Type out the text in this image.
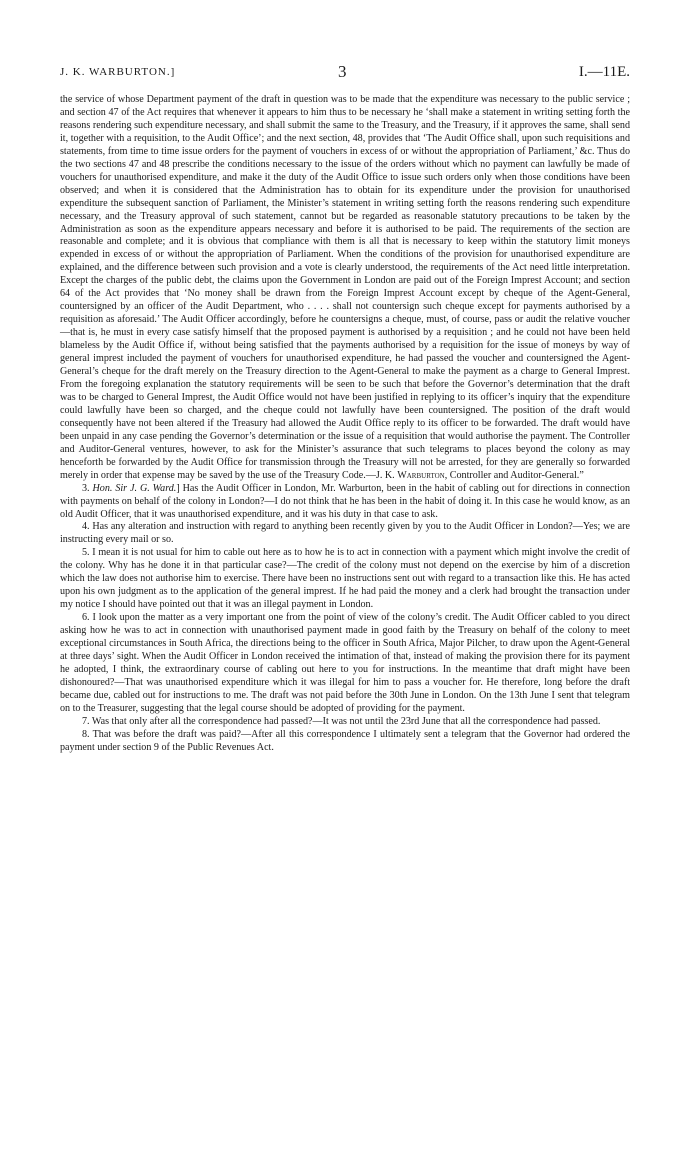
J. K. WARBURTON.]	3	I.—11E.

the service of whose Department payment of the draft in question was to be made that the expenditure was necessary to the public service ; and section 47 of the Act requires that whenever it appears to him thus to be necessary he ‘shall make a statement in writing setting forth the reasons rendering such expenditure necessary, and shall submit the same to the Treasury, and the Treasury, if it approves the same, shall send it, together with a requisition, to the Audit Office’; and the next section, 48, provides that ‘The Audit Office shall, upon such requisitions and statements, from time to time issue orders for the payment of vouchers in excess of or without the appropriation of Parliament,’ &c. Thus do the two sections 47 and 48 prescribe the conditions necessary to the issue of the orders without which no payment can lawfully be made of vouchers for unauthorised expenditure, and make it the duty of the Audit Office to issue such orders only when those conditions have been observed; and when it is considered that the Administration has to obtain for its expenditure under the provision for unauthorised expenditure the subsequent sanction of Parliament, the Minister’s statement in writing setting forth the reasons rendering such expenditure necessary, and the Treasury approval of such statement, cannot but be regarded as reasonable statutory precautions to be taken by the Administration as soon as the expenditure appears necessary and before it is authorised to be paid. The requirements of the section are reasonable and complete; and it is obvious that compliance with them is all that is necessary to keep within the statutory limit moneys expended in excess of or without the appropriation of Parliament. When the conditions of the provision for unauthorised expenditure are explained, and the difference between such provision and a vote is clearly understood, the requirements of the Act need little interpretation. Except the charges of the public debt, the claims upon the Government in London are paid out of the Foreign Imprest Account; and section 64 of the Act provides that ‘No money shall be drawn from the Foreign Imprest Account except by cheque of the Agent-General, countersigned by an officer of the Audit Department, who . . . . shall not countersign such cheque except for payments authorised by a requisition as aforesaid.’ The Audit Officer accordingly, before he countersigns a cheque, must, of course, pass or audit the relative voucher—that is, he must in every case satisfy himself that the proposed payment is authorised by a requisition ; and he could not have been held blameless by the Audit Office if, without being satisfied that the payments authorised by a requisition for the issue of moneys by way of general imprest included the payment of vouchers for unauthorised expenditure, he had passed the voucher and countersigned the Agent-General’s cheque for the draft merely on the Treasury direction to the Agent-General to make the payment as a charge to General Imprest. From the foregoing explanation the statutory requirements will be seen to be such that before the Governor’s determination that the draft was to be charged to General Imprest, the Audit Office would not have been justified in replying to its officer’s inquiry that the expenditure could lawfully have been so charged, and the cheque could not lawfully have been countersigned. The position of the draft would consequently have not been altered if the Treasury had allowed the Audit Office reply to its officer to be forwarded. The draft would have been unpaid in any case pending the Governor’s determination or the issue of a requisition that would authorise the payment. The Controller and Auditor-General ventures, however, to ask for the Minister’s assurance that such telegrams to places beyond the colony as may henceforth be forwarded by the Audit Office for transmission through the Treasury will not be arrested, for they are generally so forwarded merely in order that expense may be saved by the use of the Treasury Code.—J. K. Warburton, Controller and Auditor-General.”

3. Hon. Sir J. G. Ward.] Has the Audit Officer in London, Mr. Warburton, been in the habit of cabling out for directions in connection with payments on behalf of the colony in London?—I do not think that he has been in the habit of doing it. In this case he would know, as an old Audit Officer, that it was unauthorised expenditure, and it was his duty in that case to ask.

4. Has any alteration and instruction with regard to anything been recently given by you to the Audit Officer in London?—Yes; we are instructing every mail or so.

5. I mean it is not usual for him to cable out here as to how he is to act in connection with a payment which might involve the credit of the colony. Why has he done it in that particular case?—The credit of the colony must not depend on the exercise by him of a discretion which the law does not authorise him to exercise. There have been no instructions sent out with regard to a transaction like this. He has acted upon his own judgment as to the application of the general imprest. If he had paid the money and a clerk had brought the transaction under my notice I should have pointed out that it was an illegal payment in London.

6. I look upon the matter as a very important one from the point of view of the colony’s credit. The Audit Officer cabled to you direct asking how he was to act in connection with unauthorised payment made in good faith by the Treasury on behalf of the colony to meet exceptional circumstances in South Africa, the directions being to the officer in South Africa, Major Pilcher, to draw upon the Agent-General at three days’ sight. When the Audit Officer in London received the intimation of that, instead of making the provision there for its payment he adopted, I think, the extraordinary course of cabling out here to you for instructions. In the meantime that draft might have been dishonoured?—That was unauthorised expenditure which it was illegal for him to pass a voucher for. He therefore, long before the draft became due, cabled out for instructions to me. The draft was not paid before the 30th June in London. On the 13th June I sent that telegram on to the Treasurer, suggesting that the legal course should be adopted of providing for the payment.

7. Was that only after all the correspondence had passed?—It was not until the 23rd June that all the correspondence had passed.

8. That was before the draft was paid?—After all this correspondence I ultimately sent a telegram that the Governor had ordered the payment under section 9 of the Public Revenues Act.
